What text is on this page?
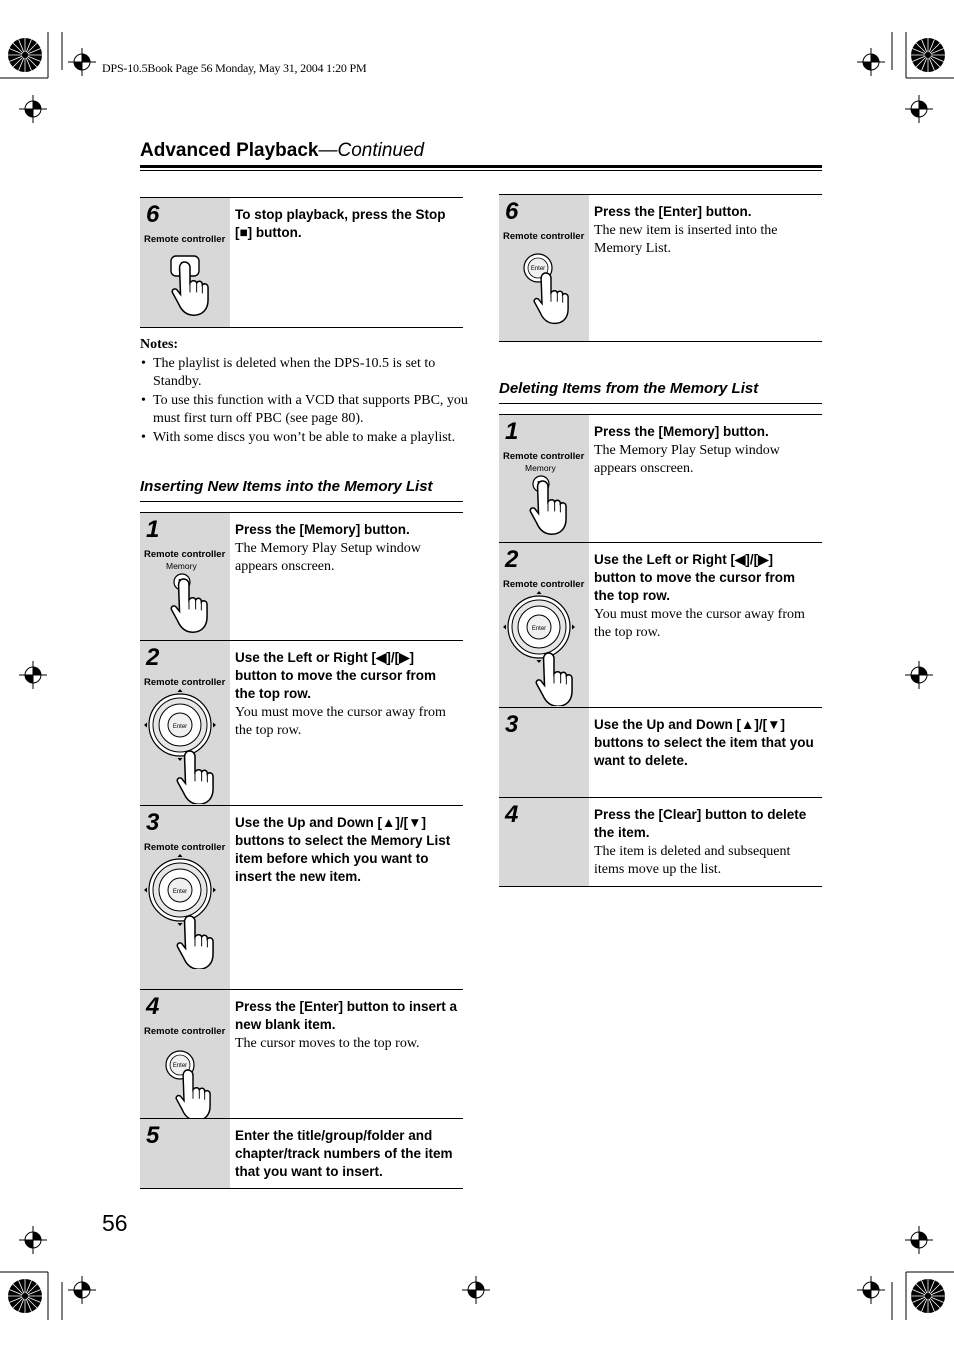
DPS-10.5Book Page 56 Monday, May 31, 2004 1:20 PM
Advanced Playback—Continued
6
Remote controller
To stop playback, press the Stop [■] button.
Notes:
• The playlist is deleted when the DPS-10.5 is set to Standby.
• To use this function with a VCD that supports PBC, you must first turn off PBC (see page 80).
• With some discs you won’t be able to make a playlist.
Inserting New Items into the Memory List
1
Remote controller
Memory
Press the [Memory] button.
The Memory Play Setup window appears onscreen.
2
Remote controller
Enter
Use the Left or Right [◀]/[▶] button to move the cursor from the top row.
You must move the cursor away from the top row.
3
Remote controller
Enter
Use the Up and Down [▲]/[▼] buttons to select the Memory List item before which you want to insert the new item.
4
Remote controller
Enter
Press the [Enter] button to insert a new blank item.
The cursor moves to the top row.
5	Enter the title/group/folder and chapter/track numbers of the item that you want to insert.
6
Remote controller
Enter
Press the [Enter] button.
The new item is inserted into the Memory List.
Deleting Items from the Memory List
1
Remote controller
Memory
Press the [Memory] button.
The Memory Play Setup window appears onscreen.
2
Remote controller
Enter
Use the Left or Right [◀]/[▶] button to move the cursor from the top row.
You must move the cursor away from the top row.
3	Use the Up and Down [▲]/[▼] buttons to select the item that you want to delete.
4	Press the [Clear] button to delete the item.
The item is deleted and subsequent items move up the list.
56
